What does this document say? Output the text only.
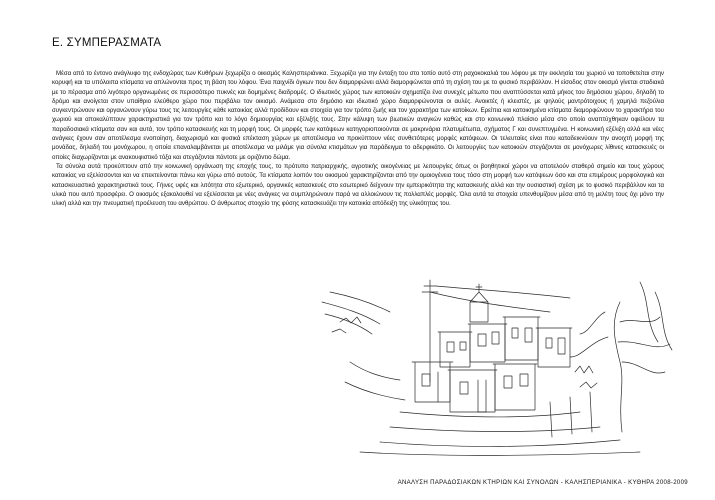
Ε. ΣΥΜΠΕΡΑΣΜΑΤΑ

Μέσα από το έντονο ανάγλυφο της ενδοχώρας των Κυθήρων ξεχωρίζει ο οικισμός Καλησπεριάνικα. Ξεχωρίζει για την ένταξη του στο τοπίο αυτό στη ραχοκοκαλιά του λόφου με την εκκλησία του χωριού να τοποθετείται στην κορυφή και τα υπόλοιπα κτίσματα να απλώνονται προς τη βάση του λόφου. Ένα παιχνίδι όγκων που δεν διαμορφώνει αλλά διαμορφώνεται από τη σχέση του με το φυσικό περιβάλλον. Η είσοδος στον οικισμό γίνεται σταδιακά με το πέρασμα από λιγότερο οργανωμένες σε περισσότερο πυκνές και δομημένες διαδρομές. Ο ιδιωτικός χώρος των κατοικιών σχηματίζει ένα συνεχές μέτωπο που αναπτύσσεται κατά μήκος του δημόσιου χώρου, δηλαδή το δρόμο και ανοίγεται στον υπαίθριο ελεύθερο χώρο που περιβάλει τον οικισμό. Ανάμεσα στο δημόσιο και ιδιωτικό χώρο διαμορφώνονται οι αυλές. Ανοικτές ή κλειστές, με ψηλούς μαντρότοιχους ή χαμηλά πεζούλια συγκεντρώνουν και οργανώνουν γύρω τους τις λειτουργίες κάθε κατοικίας αλλά προδίδουν και στοιχεία για τον τρόπο ζωής και τον χαρακτήρα των κατοίκων. Ερείπια και κατοικημένα κτίσματα διαμορφώνουν το χαρακτήρα του χωριού και αποκαλύπτουν χαρακτηριστικά για τον τρόπο και το λόγο δημιουργίας και εξέλιξής τους. Στην κάλυψη των βιωτικών αναγκών καθώς και στο κοινωνικό πλαίσιο μέσα στο οποίο αναπτύχθηκαν οφείλουν τα παραδοσιακά κτίσματα σαν και αυτά, τον τρόπο κατασκευής και τη μορφή τους. Οι μορφές των κατόψεων κατηγοριοποιούνται σε μακρινάρια πλατυμέτωπα, σχήματος Γ και συνεπτυγμένα. Η κοινωνική εξέλιξη αλλά και νέες ανάγκες έχουν σαν αποτέλεσμα ενοποίηση, διαχωρισμό και φυσικά επέκταση χώρων με αποτέλεσμα να προκύπτουν νέες συνθετότερες μορφές κατόψεων. Οι τελευταίες είναι που καταδεικνύουν την ανοιχτή μορφή της μονάδας, δηλαδή του μονόχωρου, η οποία επαναλαμβάνεται με αποτέλεσμα να μιλάμε για σύνολα κτισμάτων για παράδειγμα το αδερφικάτο. Οι λειτουργίες των κατοικιών στεγάζονται σε μονόχωρες λίθινες κατασκευές οι οποίες διαχωρίζονται με ανακουφιστικό τόξα και στεγάζονται πάντοτε με οριζόντιο δώμα.

Τα σύνολα αυτά προκύπτουν από την κοινωνική οργάνωση της εποχής τους, το πρότυπο πατριαρχικής, αγροτικής οικογένειας με λειτουργίες όπως οι βοηθητικοί χώροι να αποτελούν σταθερό σημείο και τους χώρους κατοικίας να εξελίσσονται και να επεκτείνονται πάνω και γύρω από αυτούς. Τα κτίσματα λοιπόν του οικισμού χαρακτηρίζονται από την ομοιογένεια τους τόσο στη μορφή των κατόψεων όσο και στα επιμέρους μορφολογικά και κατασκευαστικά χαρακτηριστικά τους. Γήινες υφές και λιτότητα στο εξωτερικό, οργανικές κατασκευές στο εσωτερικό δείχνουν την εμπειρικότητα της κατασκευής αλλά και την ουσιαστική σχέση με το φυσικό περιβάλλον και τα υλικά που αυτό προσφέρει. Ο οικισμός εξακολουθεί να εξελίσσεται με νέες ανάγκες να συμπληρώνουν παρά να αλλοιώνουν τις πολλαπλές μορφές. Όλα αυτά τα στοιχεία υπενθυμίζουν μέσα από τη μελέτη τους όχι μόνο την υλική αλλά και την πνευματική προέλευση του ανθρώπου. Ο άνθρωπος στοιχείο της φύσης κατασκευάζει την κατοικία απόδειξη της υλικότητας του.

ΑΝΑΛΥΣΗ ΠΑΡΑΔΟΣΙΑΚΩΝ ΚΤΗΡΙΩΝ ΚΑΙ ΣΥΝΟΛΩΝ - ΚΑΛΗΣΠΕΡΙΑΝΙΚΑ - ΚΥΘΗΡΑ 2008-2009
